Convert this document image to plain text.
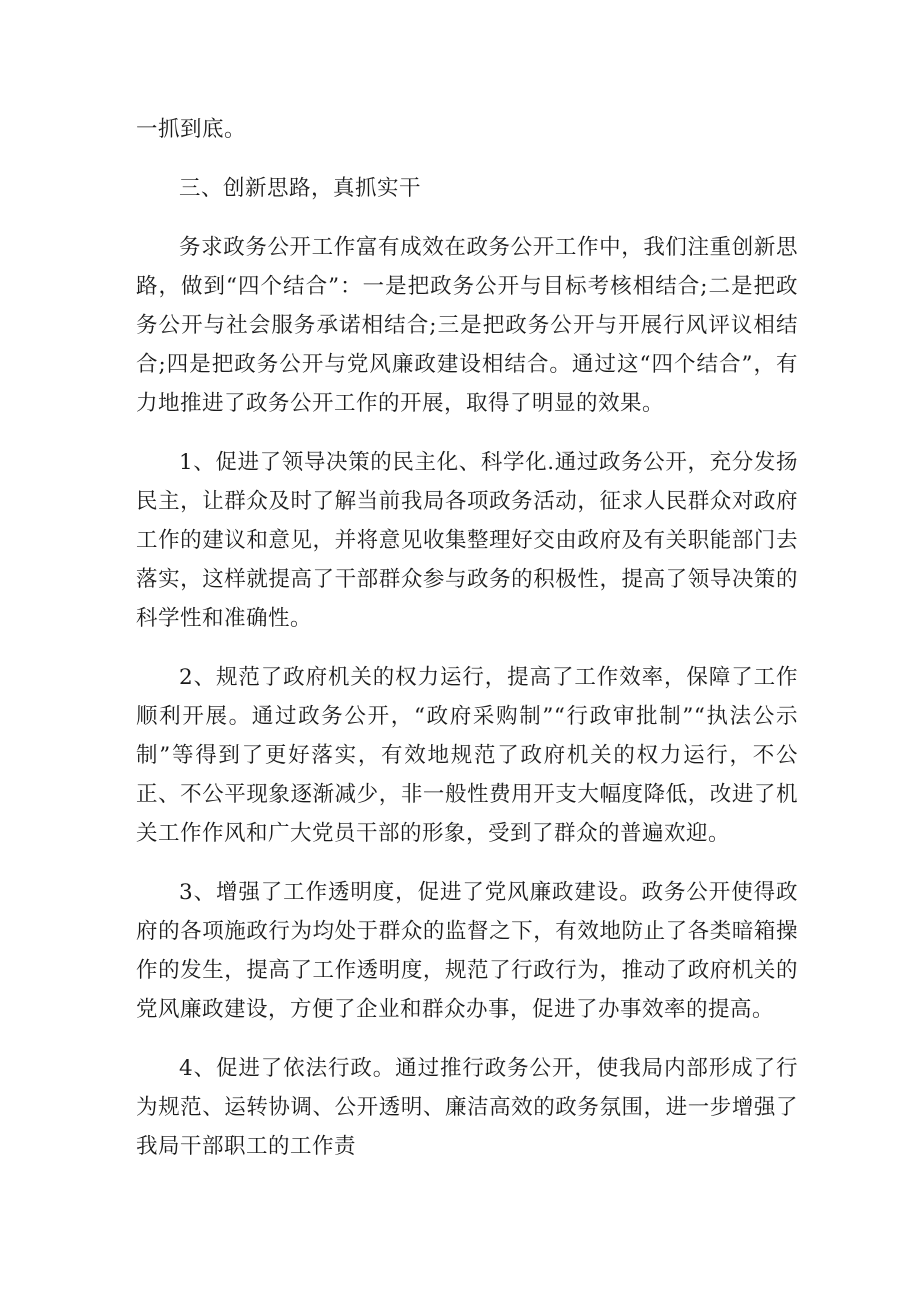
一抓到底。

三、创新思路，真抓实干

务求政务公开工作富有成效在政务公开工作中，我们注重创新思路，做到“四个结合”：一是把政务公开与目标考核相结合;二是把政务公开与社会服务承诺相结合;三是把政务公开与开展行风评议相结合;四是把政务公开与党风廉政建设相结合。通过这“四个结合”，有力地推进了政务公开工作的开展，取得了明显的效果。

1、促进了领导决策的民主化、科学化.通过政务公开，充分发扬民主，让群众及时了解当前我局各项政务活动，征求人民群众对政府工作的建议和意见，并将意见收集整理好交由政府及有关职能部门去落实，这样就提高了干部群众参与政务的积极性，提高了领导决策的科学性和准确性。

2、规范了政府机关的权力运行，提高了工作效率，保障了工作顺利开展。通过政务公开，“政府采购制”“行政审批制”“执法公示制”等得到了更好落实，有效地规范了政府机关的权力运行，不公正、不公平现象逐渐减少，非一般性费用开支大幅度降低，改进了机关工作作风和广大党员干部的形象，受到了群众的普遍欢迎。

3、增强了工作透明度，促进了党风廉政建设。政务公开使得政府的各项施政行为均处于群众的监督之下，有效地防止了各类暗箱操作的发生，提高了工作透明度，规范了行政行为，推动了政府机关的党风廉政建设，方便了企业和群众办事，促进了办事效率的提高。

4、促进了依法行政。通过推行政务公开，使我局内部形成了行为规范、运转协调、公开透明、廉洁高效的政务氛围，进一步增强了我局干部职工的工作责
